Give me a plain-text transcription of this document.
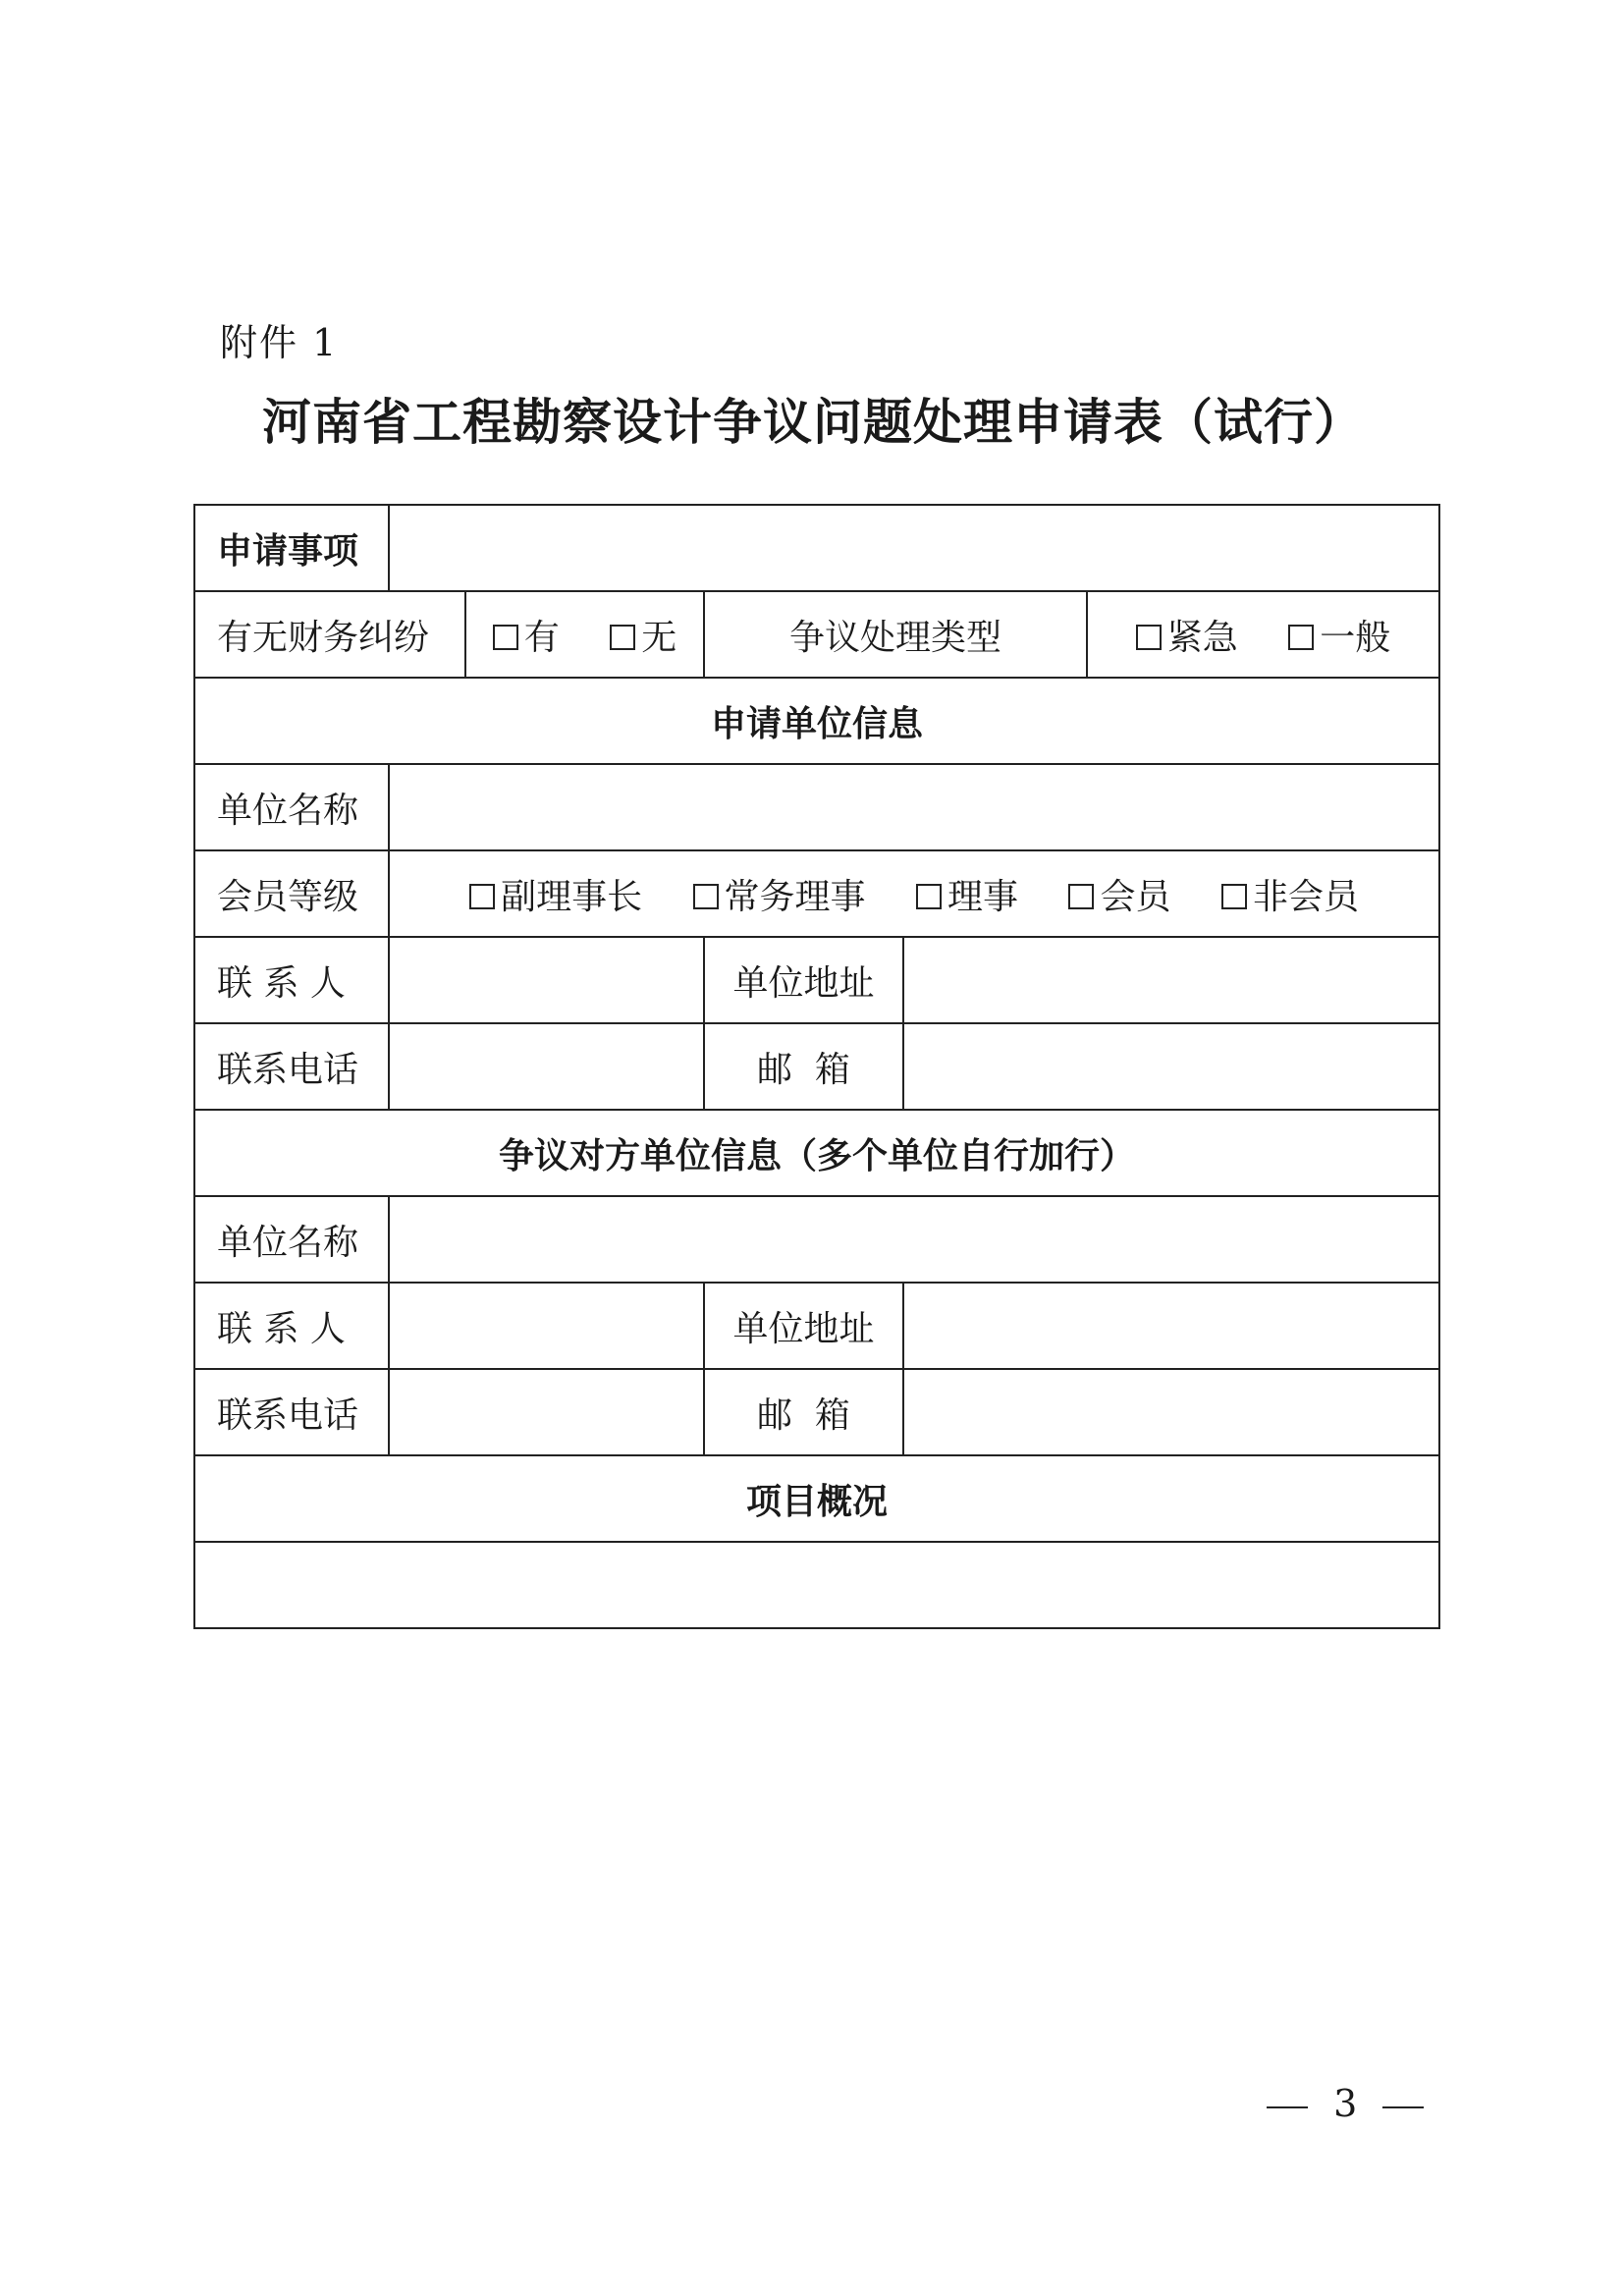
附件 1
河南省工程勘察设计争议问题处理申请表（试行）
申请事项					
有无财务纠纷		有 无	争议处理类型		紧急 一般
申请单位信息					
单位名称					
会员等级	副理事长 常务理事 理事 会员 非会员				
联 系 人			单位地址		
联系电话			邮  箱		
争议对方单位信息（多个单位自行加行）					
单位名称					
联 系 人			单位地址		
联系电话			邮  箱		
项目概况					

3
